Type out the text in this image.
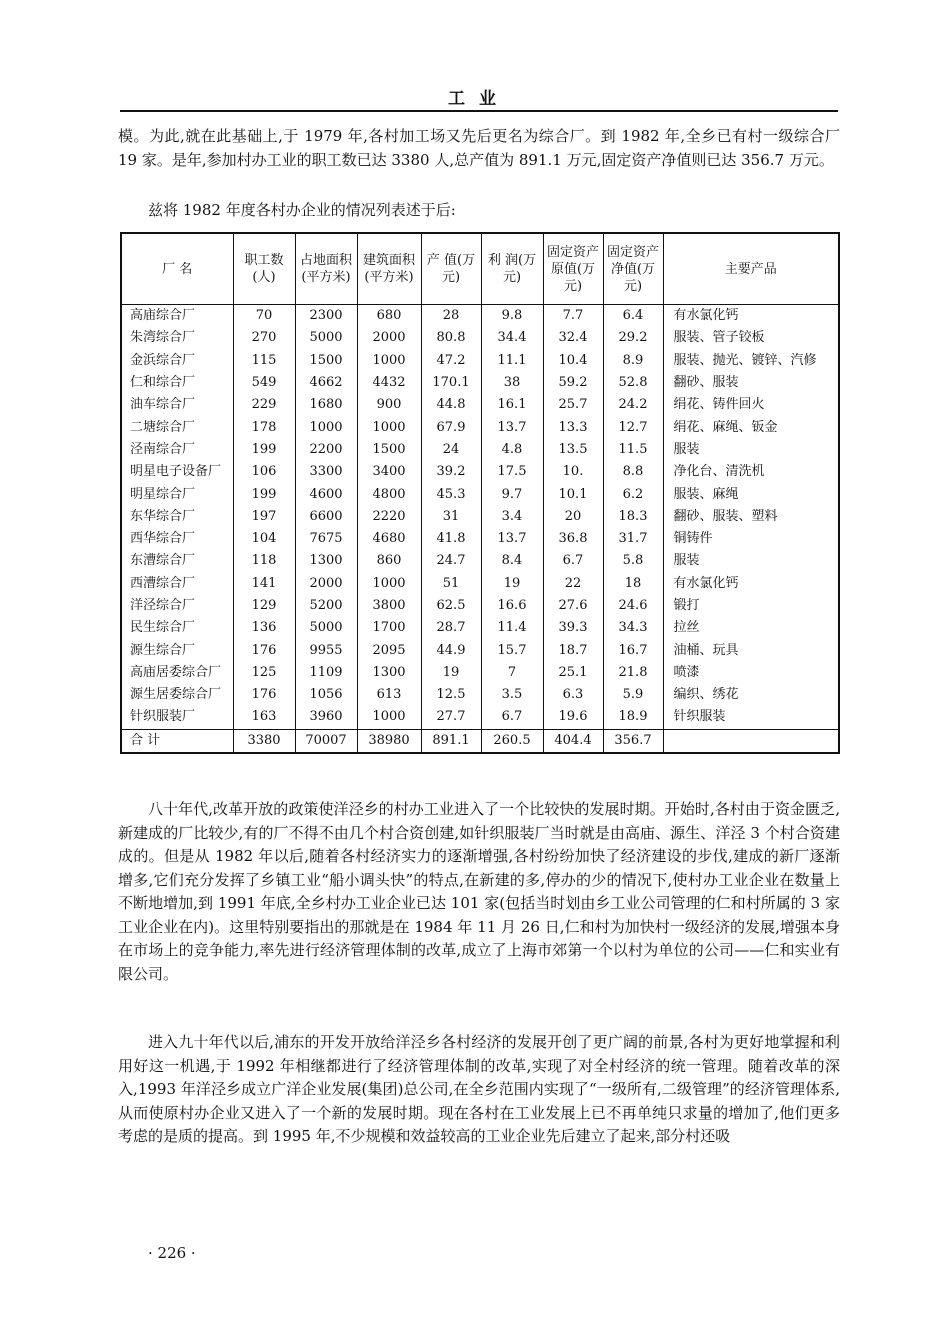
工业

模。为此,就在此基础上,于 1979 年,各村加工场又先后更名为综合厂。到 1982 年,全乡已有村一级综合厂 19 家。是年,参加村办工业的职工数已达 3380 人,总产值为 891.1 万元,固定资产净值则已达 356.7 万元。

兹将 1982 年度各村办企业的情况列表述于后:

厂 名	职工数(人)	占地面积(平方米)	建筑面积(平方米)	产 值(万元)	利 润(万元)	固定资产原值(万元)	固定资产净值(万元)	主要产品
高庙综合厂	70	2300	680	28	9.8	7.7	6.4	有水氯化钙
朱湾综合厂	270	5000	2000	80.8	34.4	32.4	29.2	服装、管子铰板
金浜综合厂	115	1500	1000	47.2	11.1	10.4	8.9	服装、抛光、镀锌、汽修
仁和综合厂	549	4662	4432	170.1	38	59.2	52.8	翻砂、服装
油车综合厂	229	1680	900	44.8	16.1	25.7	24.2	绢花、铸件回火
二塘综合厂	178	1000	1000	67.9	13.7	13.3	12.7	绢花、麻绳、钣金
泾南综合厂	199	2200	1500	24	4.8	13.5	11.5	服装
明星电子设备厂	106	3300	3400	39.2	17.5	10.	8.8	净化台、清洗机
明星综合厂	199	4600	4800	45.3	9.7	10.1	6.2	服装、麻绳
东华综合厂	197	6600	2220	31	3.4	20	18.3	翻砂、服装、塑料
西华综合厂	104	7675	4680	41.8	13.7	36.8	31.7	铜铸件
东漕综合厂	118	1300	860	24.7	8.4	6.7	5.8	服装
西漕综合厂	141	2000	1000	51	19	22	18	有水氯化钙
洋泾综合厂	129	5200	3800	62.5	16.6	27.6	24.6	锻打
民生综合厂	136	5000	1700	28.7	11.4	39.3	34.3	拉丝
源生综合厂	176	9955	2095	44.9	15.7	18.7	16.7	油桶、玩具
高庙居委综合厂	125	1109	1300	19	7	25.1	21.8	喷漆
源生居委综合厂	176	1056	613	12.5	3.5	6.3	5.9	编织、绣花
针织服装厂	163	3960	1000	27.7	6.7	19.6	18.9	针织服装
合 计	3380	70007	38980	891.1	260.5	404.4	356.7	

八十年代,改革开放的政策使洋泾乡的村办工业进入了一个比较快的发展时期。开始时,各村由于资金匮乏,新建成的厂比较少,有的厂不得不由几个村合资创建,如针织服装厂当时就是由高庙、源生、洋泾 3 个村合资建成的。但是从 1982 年以后,随着各村经济实力的逐渐增强,各村纷纷加快了经济建设的步伐,建成的新厂逐渐增多,它们充分发挥了乡镇工业“船小调头快”的特点,在新建的多,停办的少的情况下,使村办工业企业在数量上不断地增加,到 1991 年底,全乡村办工业企业已达 101 家(包括当时划由乡工业公司管理的仁和村所属的 3 家工业企业在内)。这里特别要指出的那就是在 1984 年 11 月 26 日,仁和村为加快村一级经济的发展,增强本身在市场上的竞争能力,率先进行经济管理体制的改革,成立了上海市郊第一个以村为单位的公司——仁和实业有限公司。

进入九十年代以后,浦东的开发开放给洋泾乡各村经济的发展开创了更广阔的前景,各村为更好地掌握和利用好这一机遇,于 1992 年相继都进行了经济管理体制的改革,实现了对全村经济的统一管理。随着改革的深入,1993 年洋泾乡成立广洋企业发展(集团)总公司,在全乡范围内实现了“一级所有,二级管理”的经济管理体系,从而使原村办企业又进入了一个新的发展时期。现在各村在工业发展上已不再单纯只求量的增加了,他们更多考虑的是质的提高。到 1995 年,不少规模和效益较高的工业企业先后建立了起来,部分村还吸

· 226 ·
